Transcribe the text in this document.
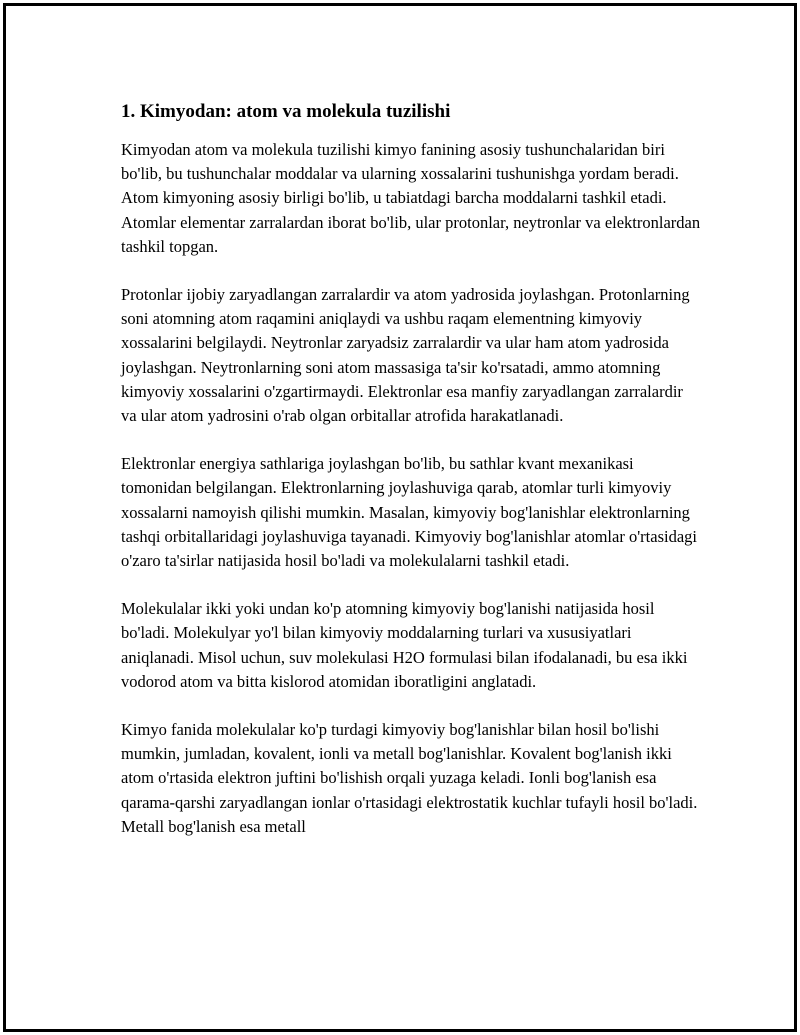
1. Kimyodan: atom va molekula tuzilishi

Kimyodan atom va molekula tuzilishi kimyo fanining asosiy tushunchalaridan biri bo'lib, bu tushunchalar moddalar va ularning xossalarini tushunishga yordam beradi. Atom kimyoning asosiy birligi bo'lib, u tabiatdagi barcha moddalarni tashkil etadi. Atomlar elementar zarralardan iborat bo'lib, ular protonlar, neytronlar va elektronlardan tashkil topgan.

Protonlar ijobiy zaryadlangan zarralardir va atom yadrosida joylashgan. Protonlarning soni atomning atom raqamini aniqlaydi va ushbu raqam elementning kimyoviy xossalarini belgilaydi. Neytronlar zaryadsiz zarralardir va ular ham atom yadrosida joylashgan. Neytronlarning soni atom massasiga ta'sir ko'rsatadi, ammo atomning kimyoviy xossalarini o'zgartirmaydi. Elektronlar esa manfiy zaryadlangan zarralardir va ular atom yadrosini o'rab olgan orbitallar atrofida harakatlanadi.

Elektronlar energiya sathlariga joylashgan bo'lib, bu sathlar kvant mexanikasi tomonidan belgilangan. Elektronlarning joylashuviga qarab, atomlar turli kimyoviy xossalarni namoyish qilishi mumkin. Masalan, kimyoviy bog'lanishlar elektronlarning tashqi orbitallaridagi joylashuviga tayanadi. Kimyoviy bog'lanishlar atomlar o'rtasidagi o'zaro ta'sirlar natijasida hosil bo'ladi va molekulalarni tashkil etadi.

Molekulalar ikki yoki undan ko'p atomning kimyoviy bog'lanishi natijasida hosil bo'ladi. Molekulyar yo'l bilan kimyoviy moddalarning turlari va xususiyatlari aniqlanadi. Misol uchun, suv molekulasi H2O formulasi bilan ifodalanadi, bu esa ikki vodorod atom va bitta kislorod atomidan iboratligini anglatadi.

Kimyo fanida molekulalar ko'p turdagi kimyoviy bog'lanishlar bilan hosil bo'lishi mumkin, jumladan, kovalent, ionli va metall bog'lanishlar. Kovalent bog'lanish ikki atom o'rtasida elektron juftini bo'lishish orqali yuzaga keladi. Ionli bog'lanish esa qarama-qarshi zaryadlangan ionlar o'rtasidagi elektrostatik kuchlar tufayli hosil bo'ladi. Metall bog'lanish esa metall
